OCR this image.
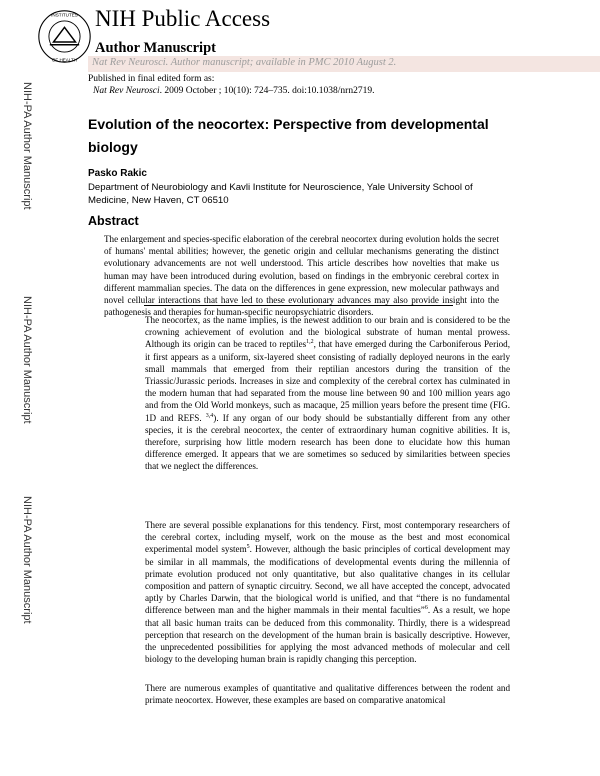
INSTITUTES
OF HEALTH
NIH Public Access
Author Manuscript
Nat Rev Neurosci. Author manuscript; available in PMC 2010 August 2.
NIH-PA Author Manuscript
NIH-PA Author Manuscript
NIH-PA Author Manuscript
Published in final edited form as:
Nat Rev Neurosci. 2009 October ; 10(10): 724–735. doi:10.1038/nrn2719.
Evolution of the neocortex: Perspective from developmental biology
Pasko Rakic
Department of Neurobiology and Kavli Institute for Neuroscience, Yale University School of Medicine, New Haven, CT 06510
Abstract
The enlargement and species-specific elaboration of the cerebral neocortex during evolution holds the secret of humans' mental abilities; however, the genetic origin and cellular mechanisms generating the distinct evolutionary advancements are not well understood. This article describes how novelties that make us human may have been introduced during evolution, based on findings in the embryonic cerebral cortex in different mammalian species. The data on the differences in gene expression, new molecular pathways and novel cellular interactions that have led to these evolutionary advances may also provide insight into the pathogenesis and therapies for human-specific neuropsychiatric disorders.
The neocortex, as the name implies, is the newest addition to our brain and is considered to be the crowning achievement of evolution and the biological substrate of human mental prowess. Although its origin can be traced to reptiles$^{1,2}$, that have emerged during the Carboniferous Period, it first appears as a uniform, six-layered sheet consisting of radially deployed neurons in the early small mammals that emerged from their reptilian ancestors during the transition of the Triassic/Jurassic periods. Increases in size and complexity of the cerebral cortex has culminated in the modern human that had separated from the mouse line between 90 and 100 million years ago and from the Old World monkeys, such as macaque, 25 million years before the present time (FIG. 1D and REFS. $^{3,4}$). If any organ of our body should be substantially different from any other species, it is the cerebral neocortex, the center of extraordinary human cognitive abilities. It is, therefore, surprising how little modern research has been done to elucidate how this human difference emerged. It appears that we are sometimes so seduced by similarities between species that we neglect the differences.
There are several possible explanations for this tendency. First, most contemporary researchers of the cerebral cortex, including myself, work on the mouse as the best and most economical experimental model system$^5$. However, although the basic principles of cortical development may be similar in all mammals, the modifications of developmental events during the millennia of primate evolution produced not only quantitative, but also qualitative changes in its cellular composition and pattern of synaptic circuitry. Second, we all have accepted the concept, advocated aptly by Charles Darwin, that the biological world is unified, and that “there is no fundamental difference between man and the higher mammals in their mental faculties”$^6$. As a result, we hope that all basic human traits can be deduced from this commonality. Thirdly, there is a widespread perception that research on the development of the human brain is basically descriptive. However, the unprecedented possibilities for applying the most advanced methods of molecular and cell biology to the developing human brain is rapidly changing this perception.
There are numerous examples of quantitative and qualitative differences between the rodent and primate neocortex. However, these examples are based on comparative anatomical
